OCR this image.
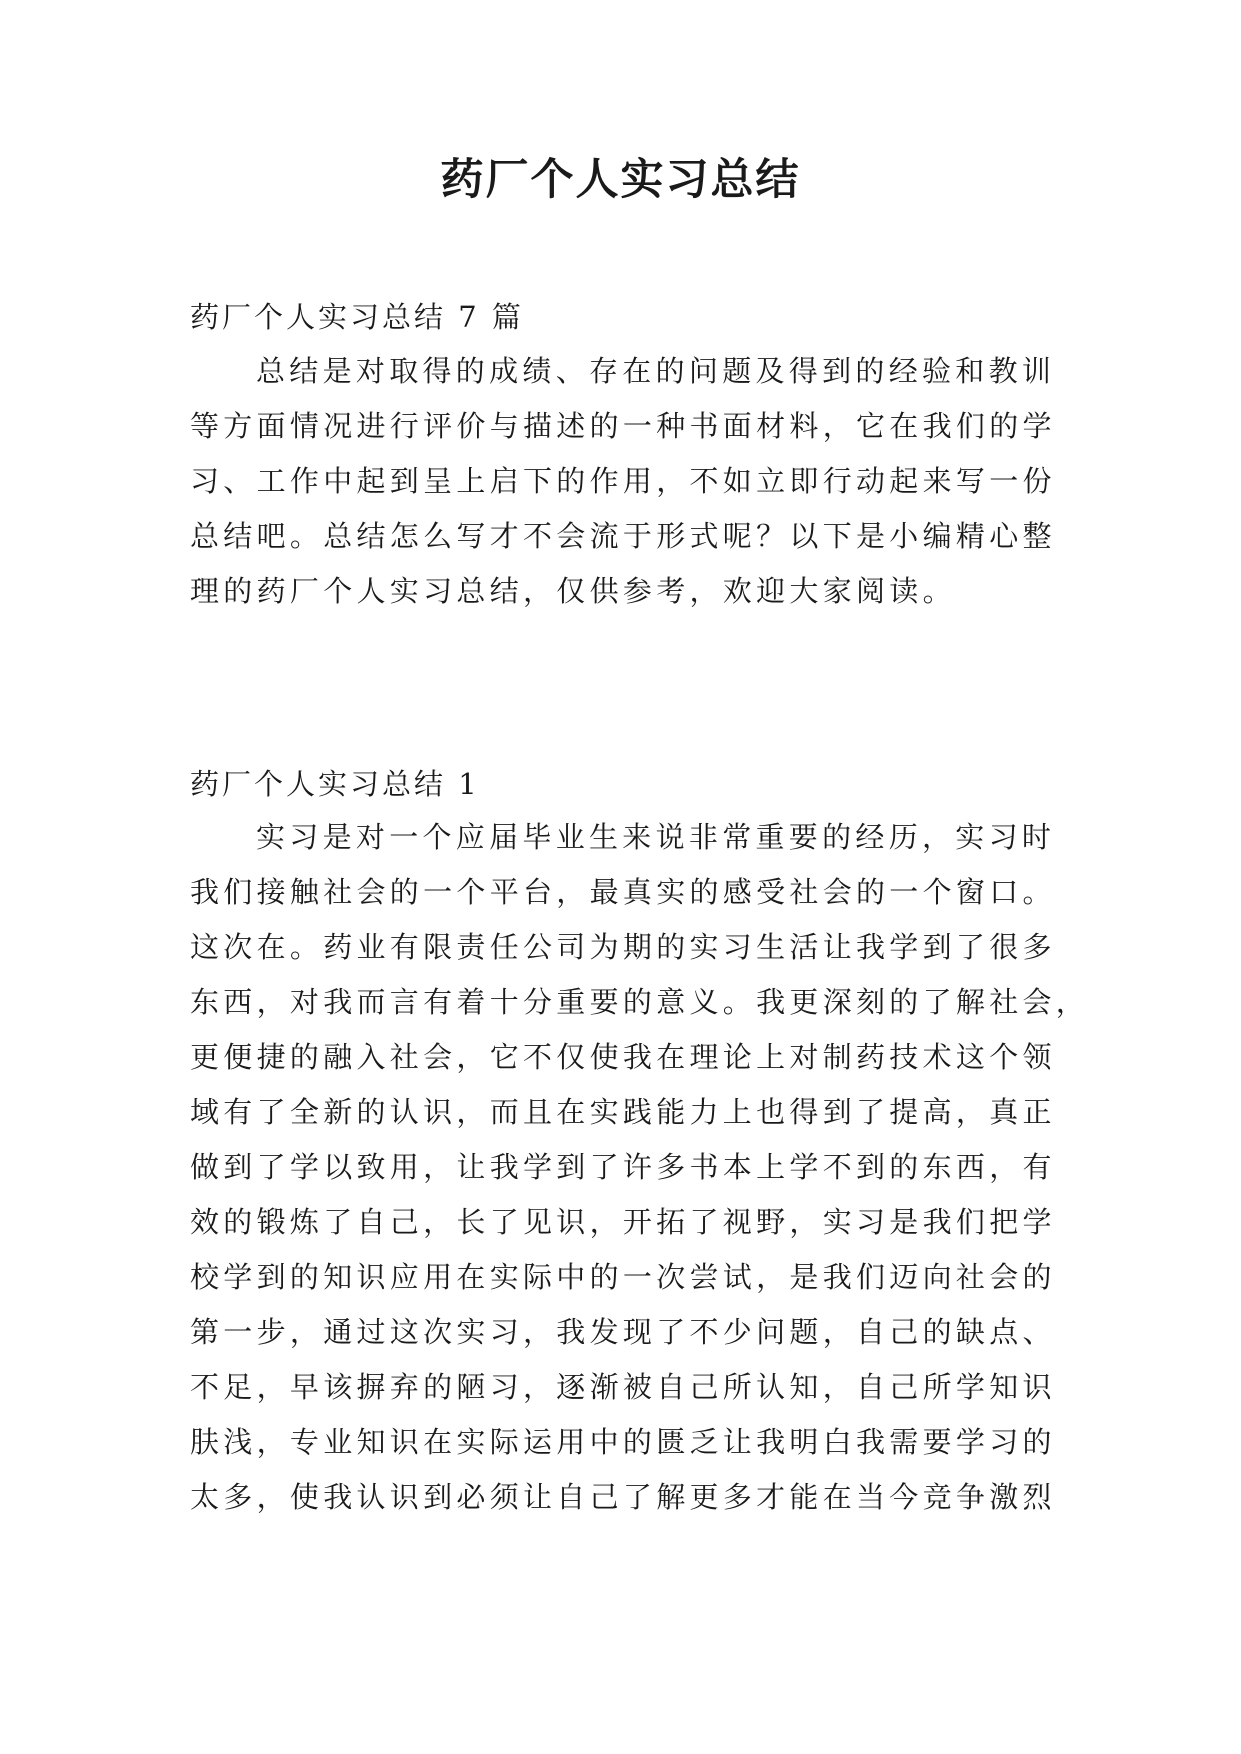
药厂个人实习总结
药厂个人实习总结 7 篇
总结是对取得的成绩、存在的问题及得到的经验和教训
等方面情况进行评价与描述的一种书面材料，它在我们的学
习、工作中起到呈上启下的作用，不如立即行动起来写一份
总结吧。总结怎么写才不会流于形式呢？以下是小编精心整
理的药厂个人实习总结，仅供参考，欢迎大家阅读。
药厂个人实习总结 1
实习是对一个应届毕业生来说非常重要的经历，实习时
我们接触社会的一个平台，最真实的感受社会的一个窗口。
这次在。药业有限责任公司为期的实习生活让我学到了很多
东西，对我而言有着十分重要的意义。我更深刻的了解社会，
更便捷的融入社会，它不仅使我在理论上对制药技术这个领
域有了全新的认识，而且在实践能力上也得到了提高，真正
做到了学以致用，让我学到了许多书本上学不到的东西，有
效的锻炼了自己，长了见识，开拓了视野，实习是我们把学
校学到的知识应用在实际中的一次尝试，是我们迈向社会的
第一步，通过这次实习，我发现了不少问题，自己的缺点、
不足，早该摒弃的陋习，逐渐被自己所认知，自己所学知识
肤浅，专业知识在实际运用中的匮乏让我明白我需要学习的
太多，使我认识到必须让自己了解更多才能在当今竞争激烈
